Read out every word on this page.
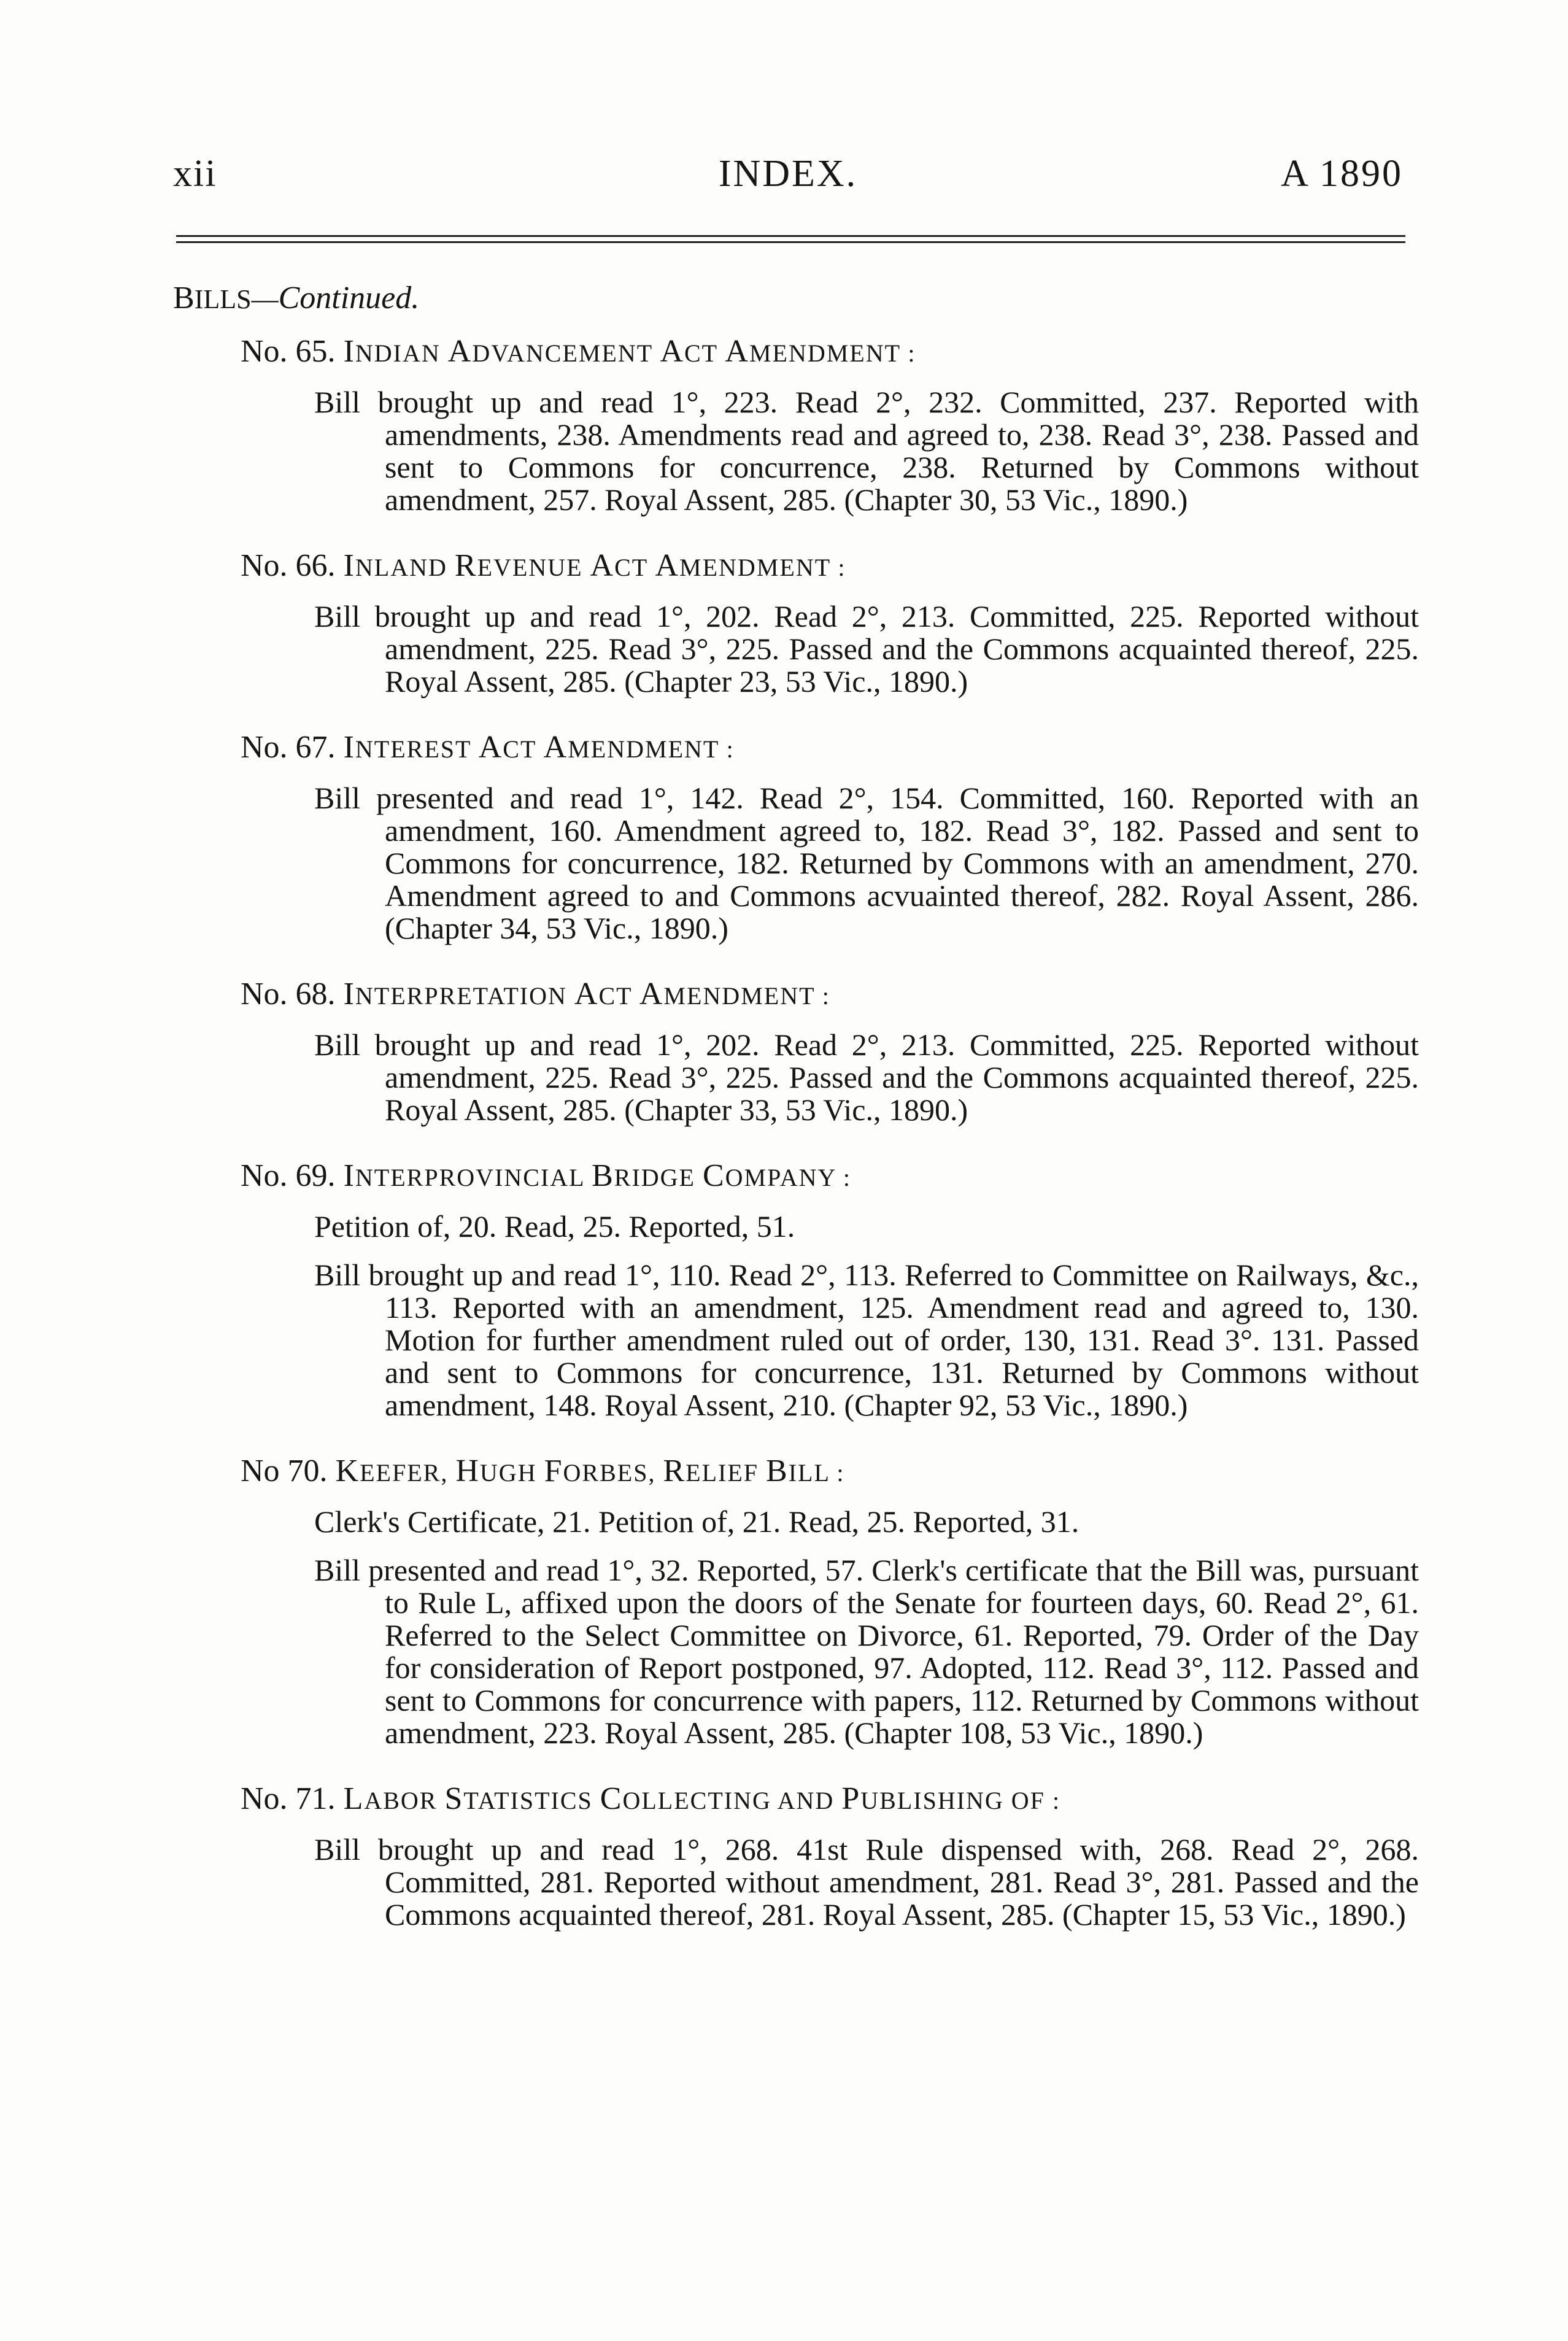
xii	INDEX.	A 1890
BILLS—Continued.
No. 65. INDIAN ADVANCEMENT ACT AMENDMENT :
Bill brought up and read 1°, 223. Read 2°, 232. Committed, 237. Reported with amendments, 238. Amendments read and agreed to, 238. Read 3°, 238. Passed and sent to Commons for concurrence, 238. Returned by Commons without amendment, 257. Royal Assent, 285. (Chapter 30, 53 Vic., 1890.)
No. 66. INLAND REVENUE ACT AMENDMENT :
Bill brought up and read 1°, 202. Read 2°, 213. Committed, 225. Reported without amendment, 225. Read 3°, 225. Passed and the Commons acquainted thereof, 225. Royal Assent, 285. (Chapter 23, 53 Vic., 1890.)
No. 67. INTEREST ACT AMENDMENT :
Bill presented and read 1°, 142. Read 2°, 154. Committed, 160. Reported with an amendment, 160. Amendment agreed to, 182. Read 3°, 182. Passed and sent to Commons for concurrence, 182. Returned by Commons with an amendment, 270. Amendment agreed to and Commons acvuainted thereof, 282. Royal Assent, 286. (Chapter 34, 53 Vic., 1890.)
No. 68. INTERPRETATION ACT AMENDMENT :
Bill brought up and read 1°, 202. Read 2°, 213. Committed, 225. Reported without amendment, 225. Read 3°, 225. Passed and the Commons acquainted thereof, 225. Royal Assent, 285. (Chapter 33, 53 Vic., 1890.)
No. 69. INTERPROVINCIAL BRIDGE COMPANY :
Petition of, 20. Read, 25. Reported, 51.
Bill brought up and read 1°, 110. Read 2°, 113. Referred to Committee on Railways, &c., 113. Reported with an amendment, 125. Amendment read and agreed to, 130. Motion for further amendment ruled out of order, 130, 131. Read 3°. 131. Passed and sent to Commons for concurrence, 131. Returned by Commons without amendment, 148. Royal Assent, 210. (Chapter 92, 53 Vic., 1890.)
No 70. KEEFER, HUGH FORBES, RELIEF BILL :
Clerk's Certificate, 21. Petition of, 21. Read, 25. Reported, 31.
Bill presented and read 1°, 32. Reported, 57. Clerk's certificate that the Bill was, pursuant to Rule L, affixed upon the doors of the Senate for fourteen days, 60. Read 2°, 61. Referred to the Select Committee on Divorce, 61. Reported, 79. Order of the Day for consideration of Report postponed, 97. Adopted, 112. Read 3°, 112. Passed and sent to Commons for concurrence with papers, 112. Returned by Commons without amendment, 223. Royal Assent, 285. (Chapter 108, 53 Vic., 1890.)
No. 71. LABOR STATISTICS COLLECTING AND PUBLISHING OF :
Bill brought up and read 1°, 268. 41st Rule dispensed with, 268. Read 2°, 268. Committed, 281. Reported without amendment, 281. Read 3°, 281. Passed and the Commons acquainted thereof, 281. Royal Assent, 285. (Chapter 15, 53 Vic., 1890.)
